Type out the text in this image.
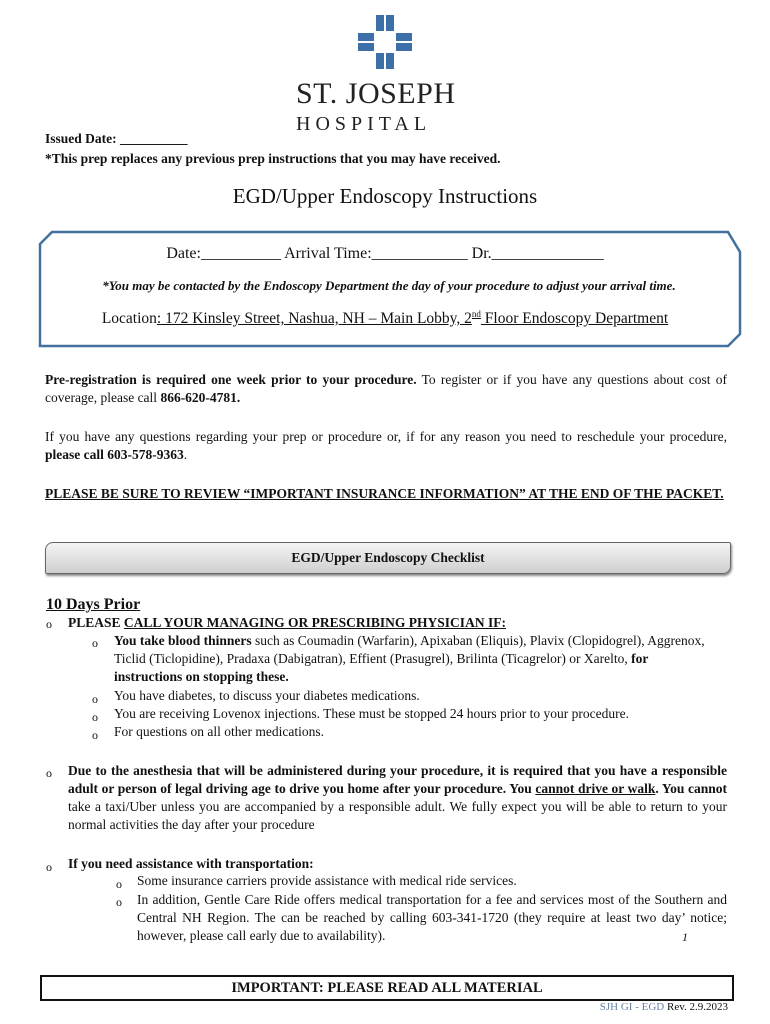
ST. JOSEPH
HOSPITAL
Issued Date: __________
*This prep replaces any previous prep instructions that you may have received.
EGD/Upper Endoscopy Instructions
Date:__________ Arrival Time:____________ Dr.______________
*You may be contacted by the Endoscopy Department the day of your procedure to adjust your arrival time.
Location: 172 Kinsley Street, Nashua, NH – Main Lobby, 2nd Floor Endoscopy Department
Pre-registration is required one week prior to your procedure. To register or if you have any questions about cost of coverage, please call 866-620-4781.
If you have any questions regarding your prep or procedure or, if for any reason you need to reschedule your procedure, please call 603-578-9363.
PLEASE BE SURE TO REVIEW “IMPORTANT INSURANCE INFORMATION” AT THE END OF THE PACKET.
EGD/Upper Endoscopy Checklist
10 Days Prior
o PLEASE CALL YOUR MANAGING OR PRESCRIBING PHYSICIAN IF:
o You take blood thinners such as Coumadin (Warfarin), Apixaban (Eliquis), Plavix (Clopidogrel), Aggrenox, Ticlid (Ticlopidine), Pradaxa (Dabigatran), Effient (Prasugrel), Brilinta (Ticagrelor) or Xarelto, for instructions on stopping these.
o You have diabetes, to discuss your diabetes medications.
o You are receiving Lovenox injections. These must be stopped 24 hours prior to your procedure.
o For questions on all other medications.
o Due to the anesthesia that will be administered during your procedure, it is required that you have a responsible adult or person of legal driving age to drive you home after your procedure. You cannot drive or walk. You cannot take a taxi/Uber unless you are accompanied by a responsible adult. We fully expect you will be able to return to your normal activities the day after your procedure
o If you need assistance with transportation:
o Some insurance carriers provide assistance with medical ride services.
o In addition, Gentle Care Ride offers medical transportation for a fee and services most of the Southern and Central NH Region. The can be reached by calling 603-341-1720 (they require at least two day’ notice; however, please call early due to availability).	1
IMPORTANT: PLEASE READ ALL MATERIAL
SJH GI - EGD Rev. 2.9.2023
